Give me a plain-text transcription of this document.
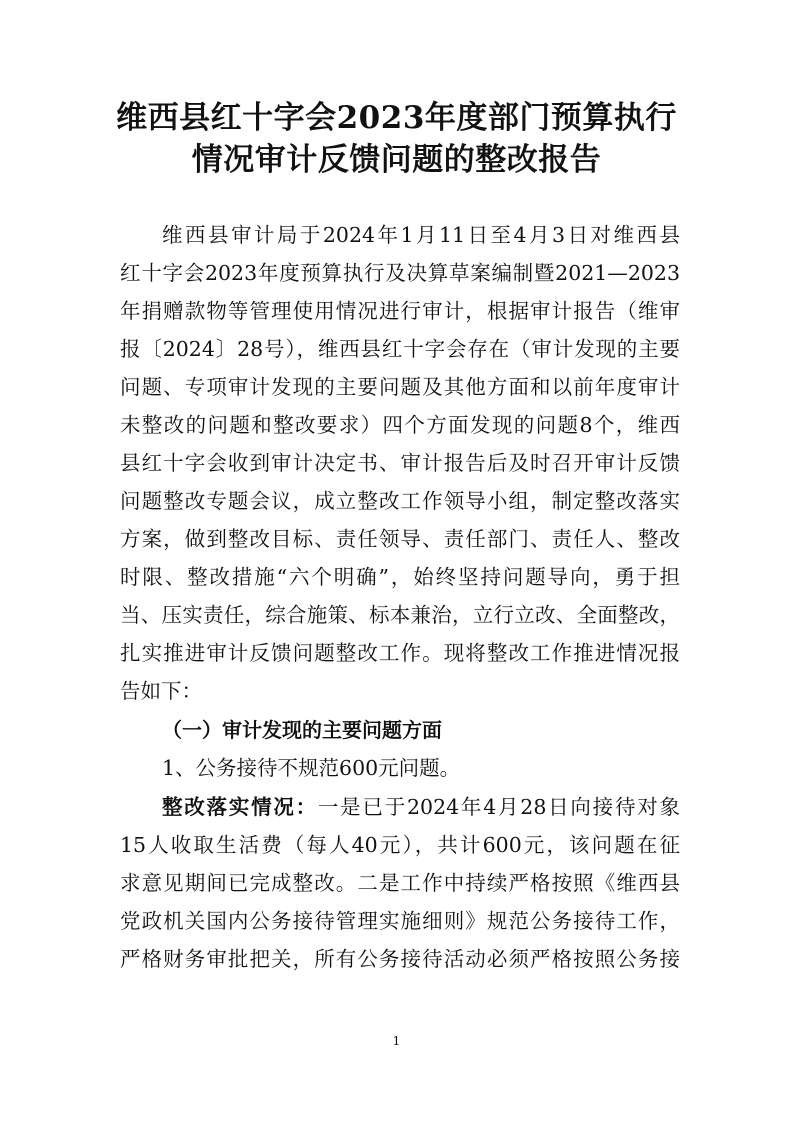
维西县红十字会2023年度部门预算执行
情况审计反馈问题的整改报告
维西县审计局于2024年1月11日至4月3日对维西县
红十字会2023年度预算执行及决算草案编制暨2021—2023
年捐赠款物等管理使用情况进行审计，根据审计报告（维审
报〔2024〕28号），维西县红十字会存在（审计发现的主要
问题、专项审计发现的主要问题及其他方面和以前年度审计
未整改的问题和整改要求）四个方面发现的问题8个，维西
县红十字会收到审计决定书、审计报告后及时召开审计反馈
问题整改专题会议，成立整改工作领导小组，制定整改落实
方案，做到整改目标、责任领导、责任部门、责任人、整改
时限、整改措施“六个明确”，始终坚持问题导向，勇于担
当、压实责任，综合施策、标本兼治，立行立改、全面整改，
扎实推进审计反馈问题整改工作。现将整改工作推进情况报
告如下：
（一）审计发现的主要问题方面
1、公务接待不规范600元问题。
整改落实情况：一是已于2024年4月28日向接待对象
15人收取生活费（每人40元），共计600元，该问题在征
求意见期间已完成整改。二是工作中持续严格按照《维西县
党政机关国内公务接待管理实施细则》规范公务接待工作，
严格财务审批把关，所有公务接待活动必须严格按照公务接
1
